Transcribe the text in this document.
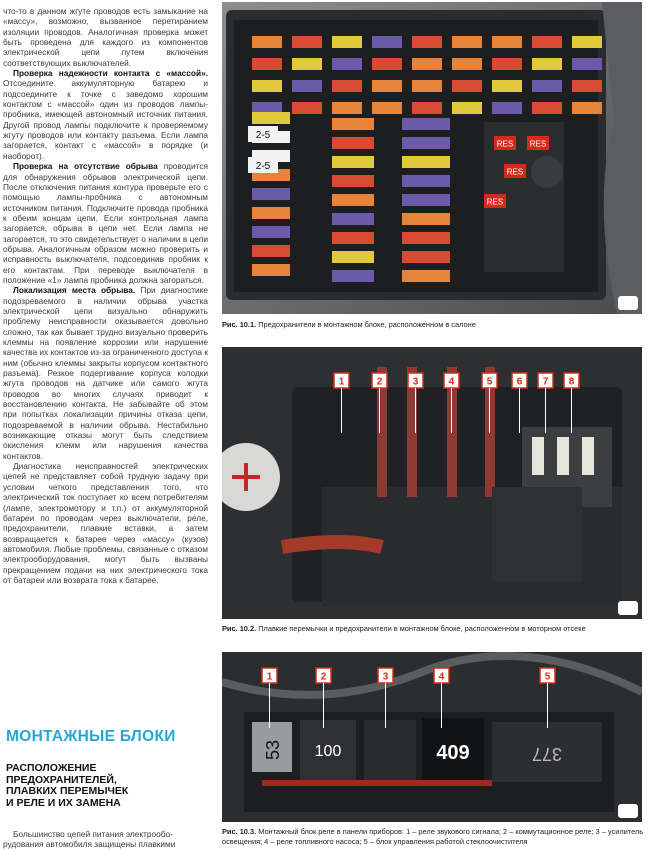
что-то в данном жгуте проводов есть замыкание на «массу», возможно, вызванное перетиранием изоляции проводов. Аналогичная проверка может быть проведена для каждого из компонентов электрической цепи путем включения соответствующих выключателей.

Проверка надежности контакта с «массой». Отсоедините аккумуляторную батарею и подсоедините к точке с заведомо хорошим контактом с «массой» один из проводов лампы-пробника, имеющей автономный источник питания. Другой провод лампы подключите к проверяемому жгуту проводов или контакту разъема. Если лампа загорается, контакт с «массой» в порядке (и наоборот).

Проверка на отсутствие обрыва проводится для обнаружения обрывов электрической цепи. После отключения питания контура проверьте его с помощью лампы-пробника с автономным источником питания. Подключите провода пробника к обеим концам цепи. Если контрольная лампа загорается, обрыва в цепи нет. Если лампа не загорается, то это свидетельствует о наличии в цепи обрыва. Аналогичным образом можно проверить и исправность выключателя, подсоединив пробник к его контактам. При переводе выключателя в положение «1» лампа пробника должна загораться.

Локализация места обрыва. При диагностике подозреваемого в наличии обрыва участка электрической цепи визуально обнаружить проблему неисправности оказывается довольно сложно, так как бывает трудно визуально проверить клеммы на появление коррозии или нарушение качества их контактов из-за ограниченного доступа к ним (обычно клеммы закрыты корпусом контактного разъема). Резкое подергивание корпуса колодки жгута проводов на датчике или самого жгута проводов во многих случаях приводит к восстановлению контакта. Не забывайте об этом при попытках локализации причины отказа цепи, подозреваемой в наличии обрыва. Нестабильно возникающие отказы могут быть следствием окисления клемм или нарушения качества контактов.

Диагностика неисправностей электрических цепей не представляет собой трудную задачу при условии четкого представления того, что электрический ток поступает ко всем потребителям (лампе, электромотору и т.п.) от аккумуляторной батареи по проводам через выключатели, реле, предохранители, плавкие вставки, а затем возвращается к батарее через «массу» (кузов) автомобиля. Любые проблемы, связанные с отказом электрооборудования, могут быть вызваны прекращением подачи на них электрического тока от батареи или возврата тока к батарее.

МОНТАЖНЫЕ БЛОКИ
РАСПОЛОЖЕНИЕ
ПРЕДОХРАНИТЕЛЕЙ,
ПЛАВКИХ ПЕРЕМЫЧЕК
И РЕЛЕ И ИХ ЗАМЕНА
Большинство цепей питания электрообо-
рудования автомобиля защищены плавкими
RES RES
RES
RES
2-5
2-5
Рис. 10.1. Предохранители в монтажном блоке, расположенном в салоне
1	2	3	4	5 6 7 8
Рис. 10.2. Плавкие перемычки и предохранители в монтажном блоке, расположенном в моторном отсеке
53 100	409	377
1	2	3	4	5
Рис. 10.3. Монтажный блок реле в панели приборов: 1 – реле звукового сигнала; 2 – коммутационное реле; 3 – усилитель освещения; 4 – реле топливного насоса; 5 – блок управления работой стеклоочистителя
